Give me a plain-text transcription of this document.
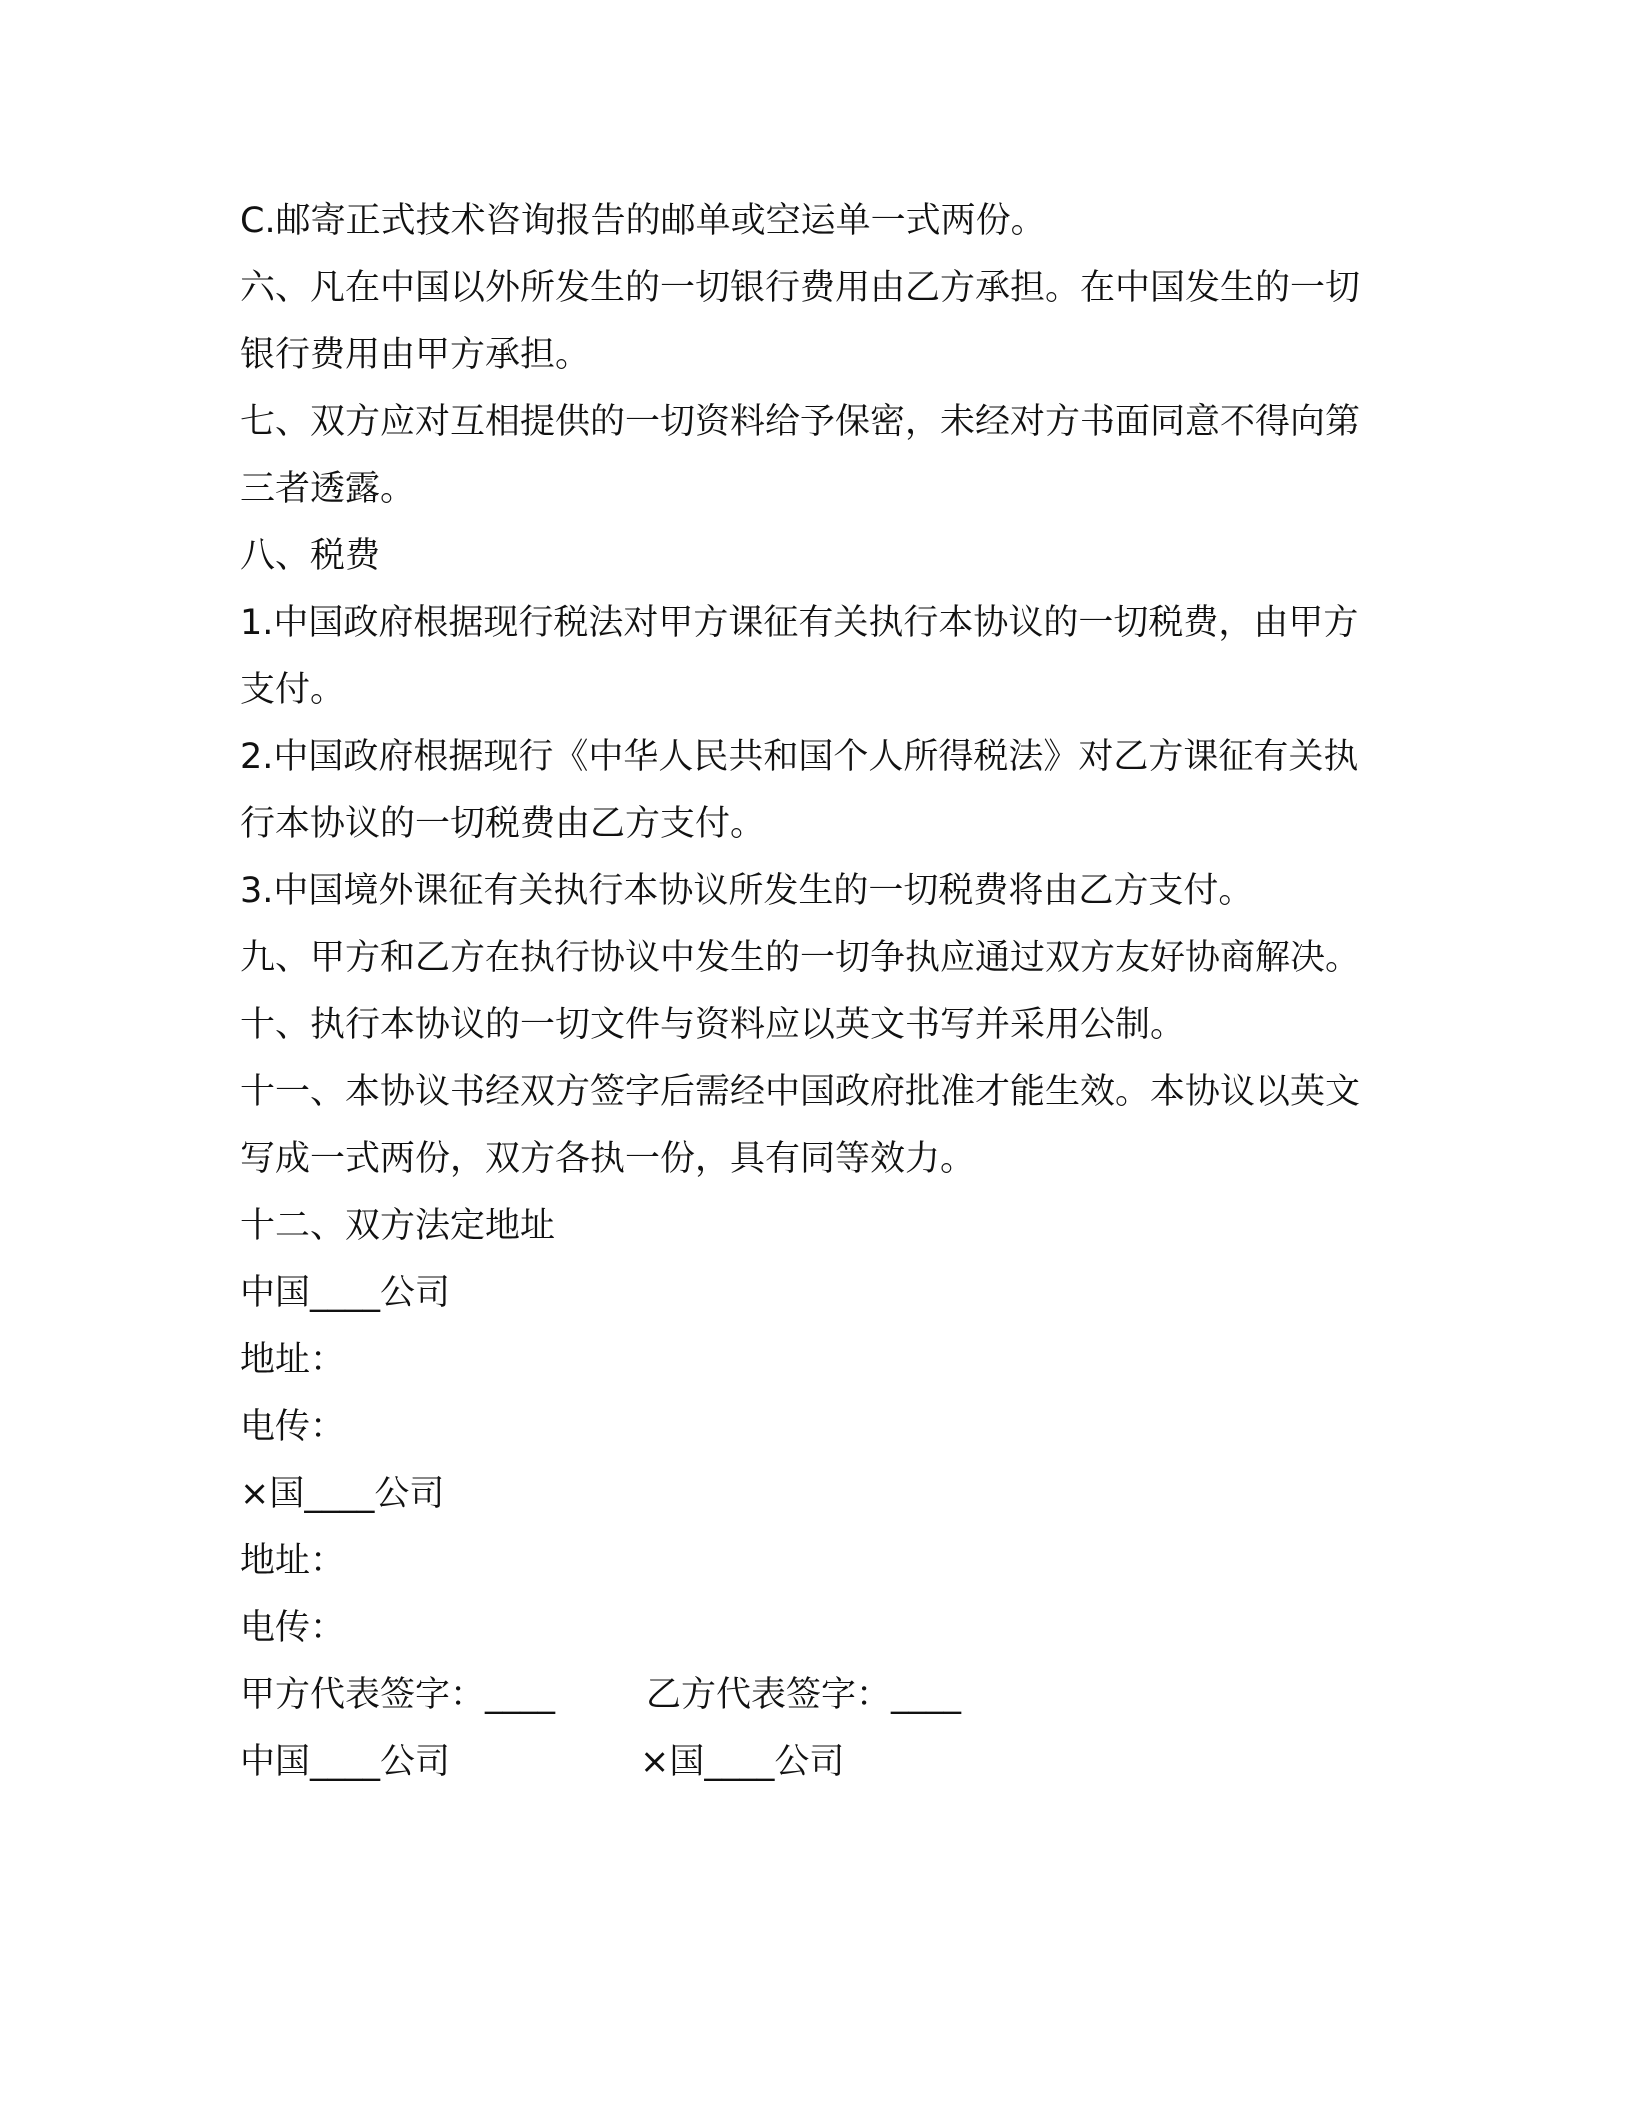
C.邮寄正式技术咨询报告的邮单或空运单一式两份。

六、凡在中国以外所发生的一切银行费用由乙方承担。在中国发生的一切银行费用由甲方承担。

七、双方应对互相提供的一切资料给予保密，未经对方书面同意不得向第三者透露。

八、税费

1.中国政府根据现行税法对甲方课征有关执行本协议的一切税费，由甲方支付。

2.中国政府根据现行《中华人民共和国个人所得税法》对乙方课征有关执行本协议的一切税费由乙方支付。

3.中国境外课征有关执行本协议所发生的一切税费将由乙方支付。

九、甲方和乙方在执行协议中发生的一切争执应通过双方友好协商解决。

十、执行本协议的一切文件与资料应以英文书写并采用公制。

十一、本协议书经双方签字后需经中国政府批准才能生效。本协议以英文写成一式两份，双方各执一份，具有同等效力。

十二、双方法定地址

中国____公司

地址：

电传：

×国____公司

地址：

电传：

甲方代表签字：____	乙方代表签字：____
中国____公司	×国____公司
